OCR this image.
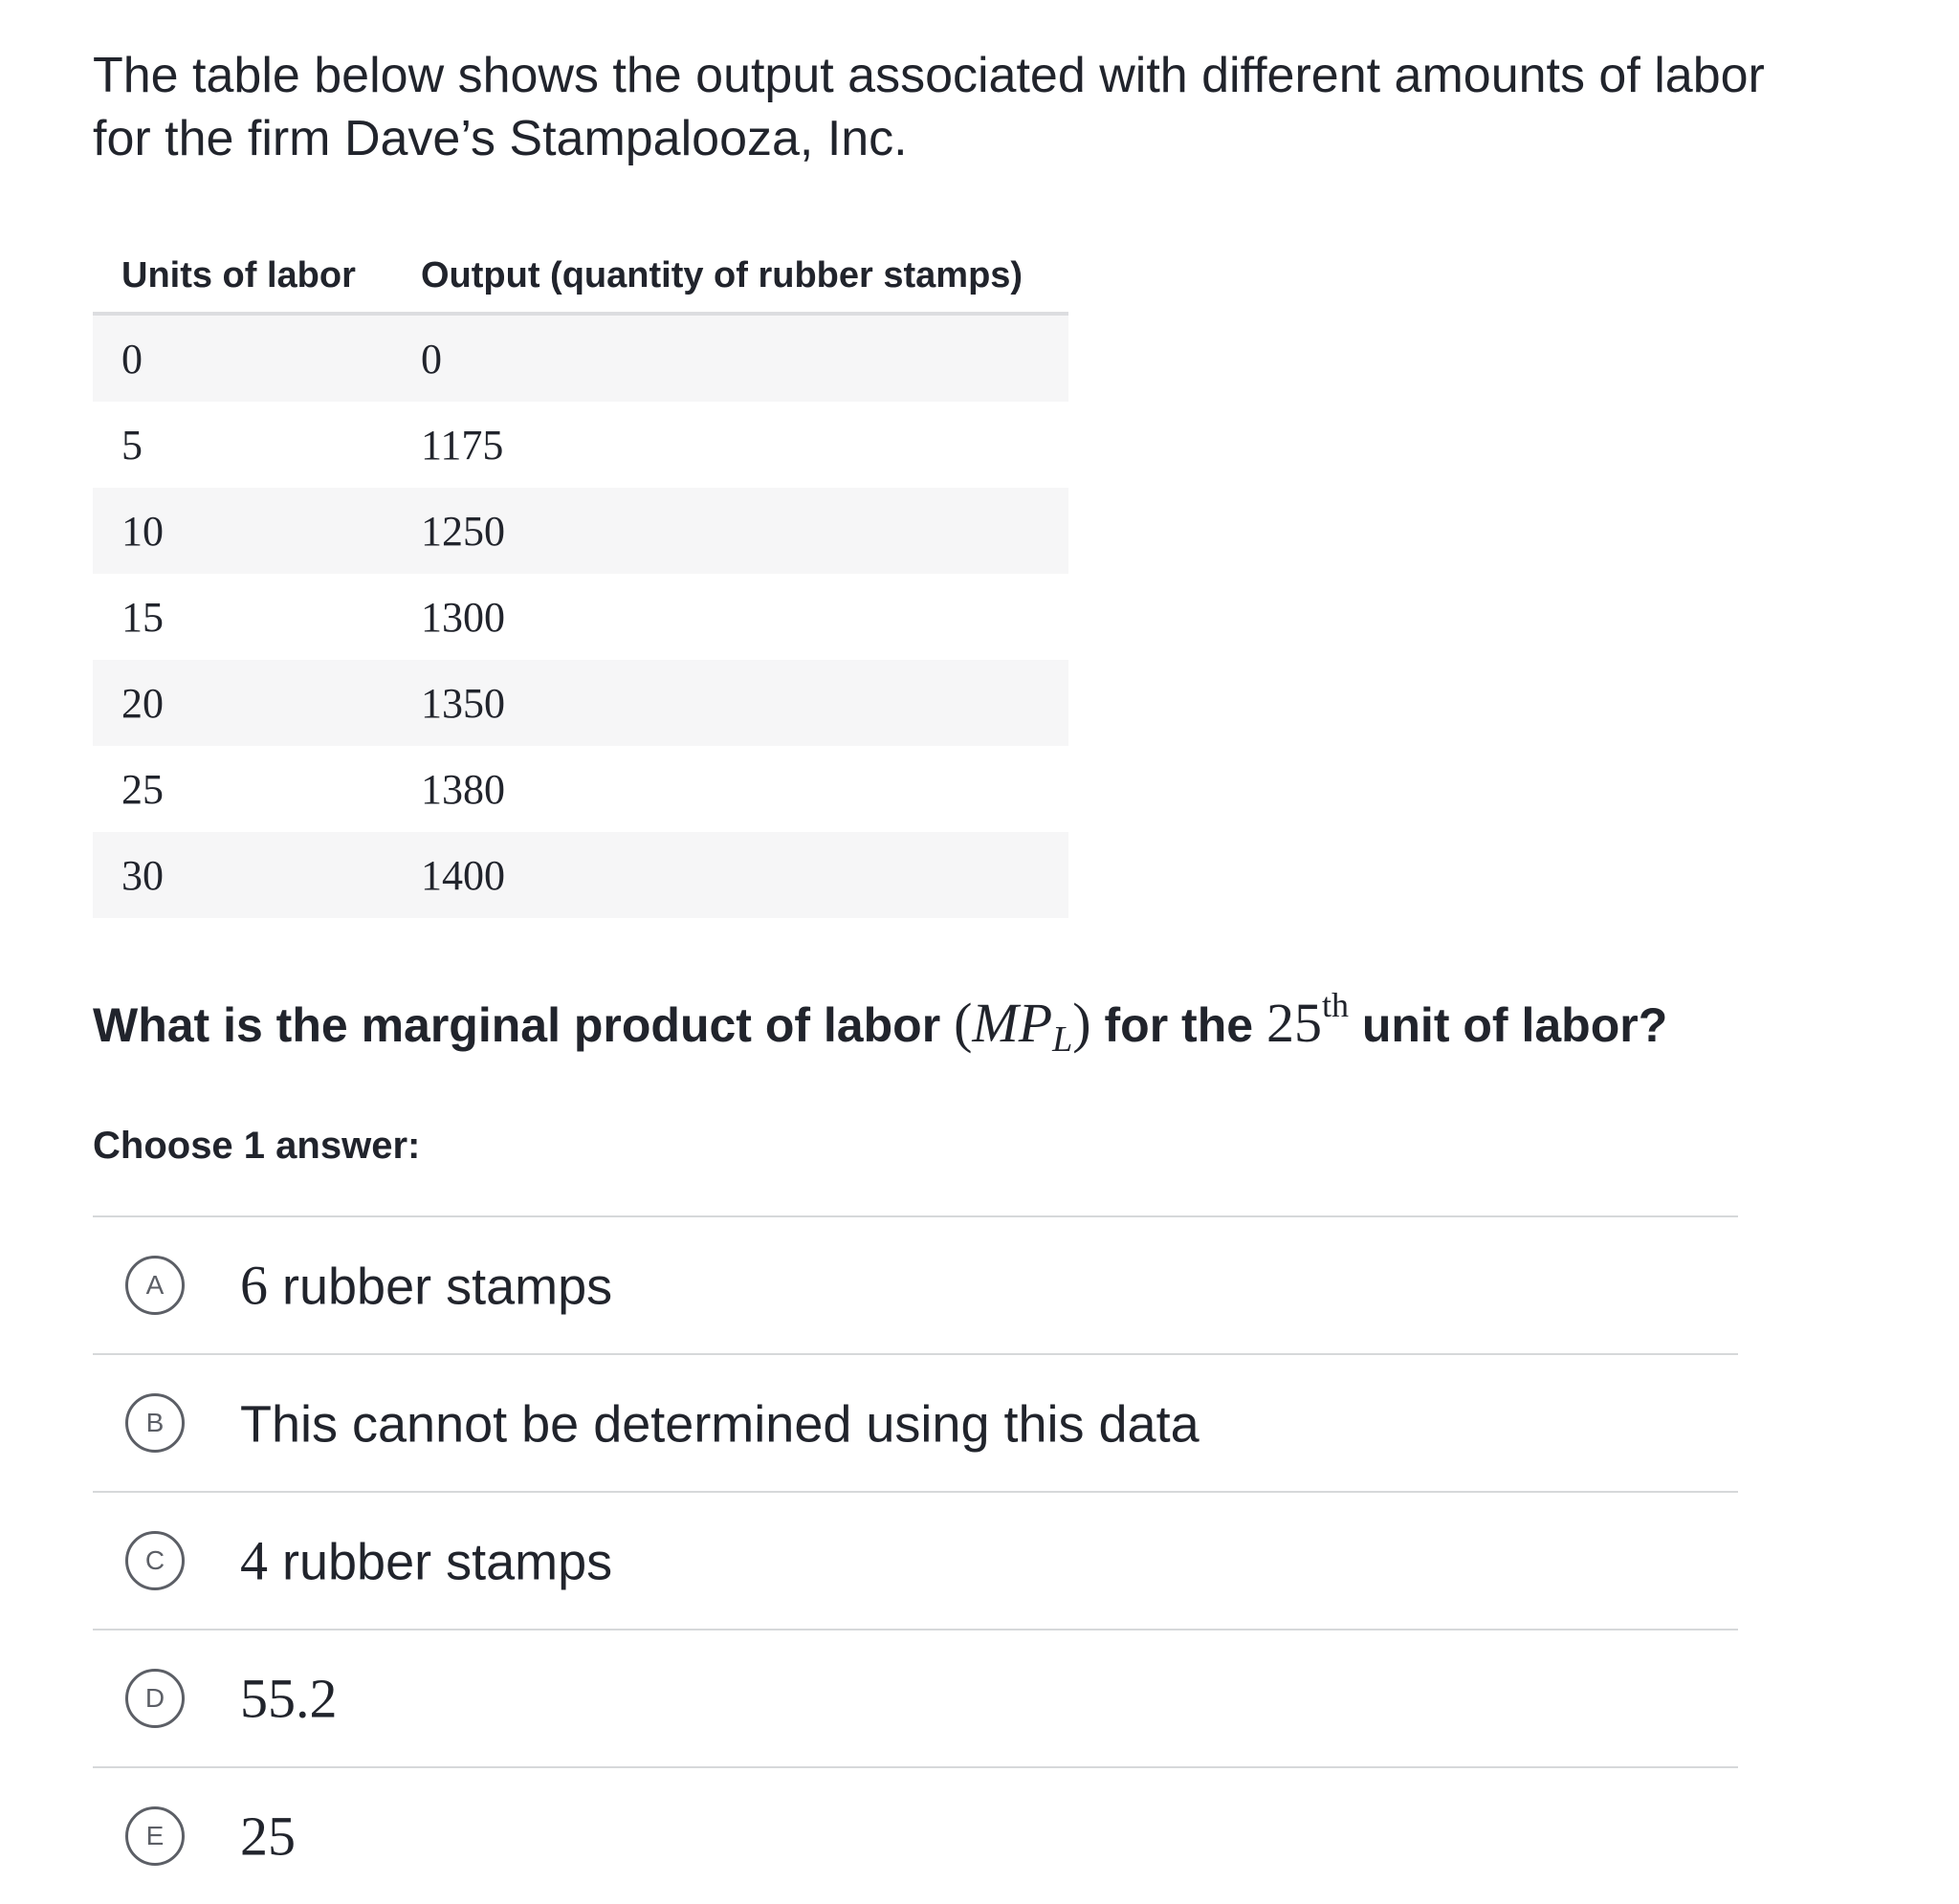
The table below shows the output associated with different amounts of labor for the firm Dave’s Stampalooza, Inc.

Units of labor	Output (quantity of rubber stamps)
0	0
5	1175
10	1250
15	1300
20	1350
25	1380
30	1400
What is the marginal product of labor $(MP_L)$ for the 25th unit of labor?
Choose 1 answer:
A	6 rubber stamps
B	This cannot be determined using this data
C	4 rubber stamps
D	55.2
E	25
